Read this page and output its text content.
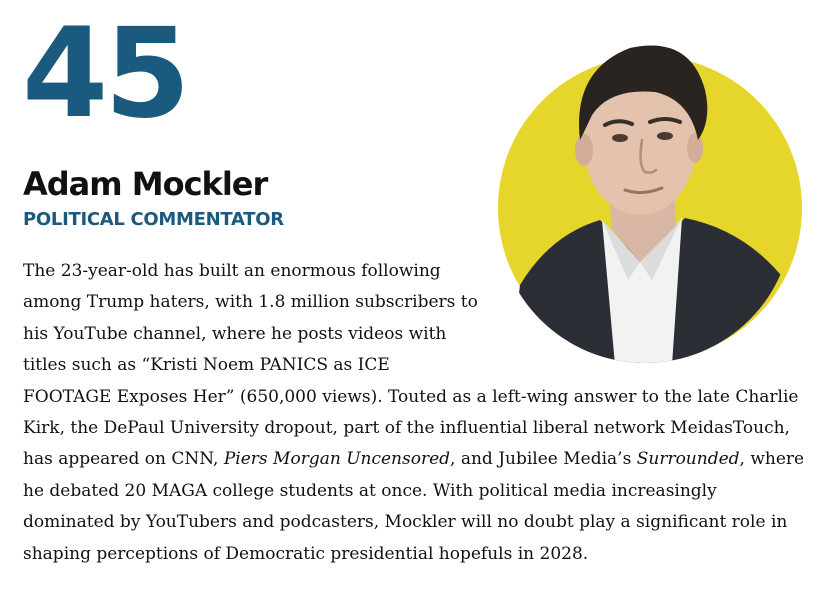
45
Adam Mockler
POLITICAL COMMENTATOR

The 23-year-old has built an enormous following among Trump haters, with 1.8 million subscribers to his YouTube channel, where he posts videos with titles such as “Kristi Noem PANICS as ICE FOOTAGE Exposes Her” (650,000 views). Touted as a left-wing answer to the late Charlie Kirk, the DePaul University dropout, part of the influential liberal network MeidasTouch, has appeared on CNN, Piers Morgan Uncensored, and Jubilee Media’s Surrounded, where he debated 20 MAGA college students at once. With political media increasingly dominated by YouTubers and podcasters, Mockler will no doubt play a significant role in shaping perceptions of Democratic presidential hopefuls in 2028.
